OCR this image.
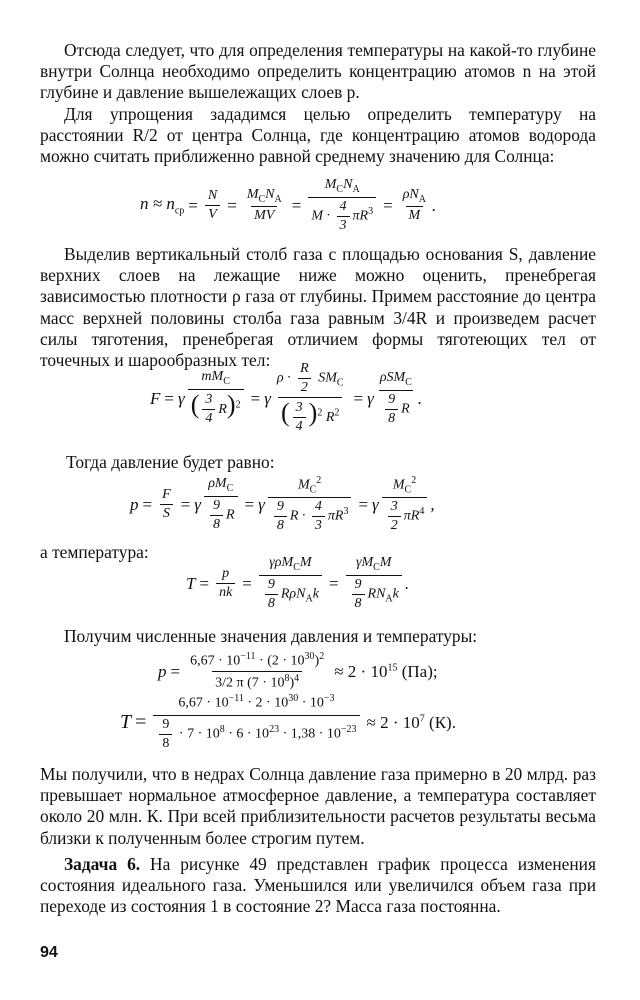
Отсюда следует, что для определения температуры на какой-то глубине внутри Солнца необходимо определить концентрацию атомов n на этой глубине и давление вышележащих слоев p.

Для упрощения зададимся целью определить температуру на расстоянии R/2 от центра Солнца, где концентрацию атомов водорода можно считать приближенно равной среднему значению для Солнца:

$n \approx n_{ср} = \frac{N}{V}$ =
$M_CN_A$
MV
=
$M_CN_A$
$M \cdot \frac{4}{3} \pi R^3$ =
$\rho N_A$
M
.

Выделив вертикальный столб газа с площадью основания S, давление верхних слоев на лежащие ниже можно оценить, пренебрегая зависимостью плотности ρ газа от глубины. Примем расстояние до центра масс верхней половины столба газа равным 3/4R и произведем расчет силы тяготения, пренебрегая отличием формы тяготеющих тел от точечных и шарообразных тел:

F = γ
$mM_C$
( $\frac{3}{4} R)^2 = \gamma$
$\rho \cdot \frac{R}{2} SM_C$
( $\frac{3}{4} )^2$ $R^2$
= γ
ρSM$_C$
$\frac{9}{8}$ R
.

Тогда давление будет равно:

$p = \frac{F}{S} = \gamma$
$\rho M_C$
$\frac{9}{8}$ R
= γ $\frac{M_C^2}{\frac{9}{8} R \cdot \frac{4}{3} \pi R^3} = \gamma$
$M_C^2$
$\frac{3}{2} \pi R^4$ ,

а температура:

$T = \frac{p}{nk}$ =
γρM$_C$M
$\frac{9}{8} R\rho N_Ak$
=
$\gamma M_CM$
$\frac{9}{8} RN_Ak$
.

Получим численные значения давления и температуры:

$p = \frac{6,67 \cdot 10^{-11} \cdot (2 \cdot 10^{30})^2}{3/2 \pi (7 \cdot 10^8)^4} \approx 2 \cdot 10^{15}$ (Па);
$T = \frac{6,67 \cdot 10^{-11} \cdot 2 \cdot 10^{30} \cdot 10^{-3}}{\frac{9}{8} \cdot 7 \cdot 10^8 \cdot 6 \cdot 10^{23} \cdot 1,38 \cdot 10^{-23}} \approx 2 \cdot 10^7$ (К).

Мы получили, что в недрах Солнца давление газа примерно в 20 млрд. раз превышает нормальное атмосферное давление, а температура составляет около 20 млн. К. При всей приблизительности расчетов результаты весьма близки к полученным более строгим путем.

Задача 6. На рисунке 49 представлен график процесса изменения состояния идеального газа. Уменьшился или увеличился объем газа при переходе из состояния 1 в состояние 2? Масса газа постоянна.

94
